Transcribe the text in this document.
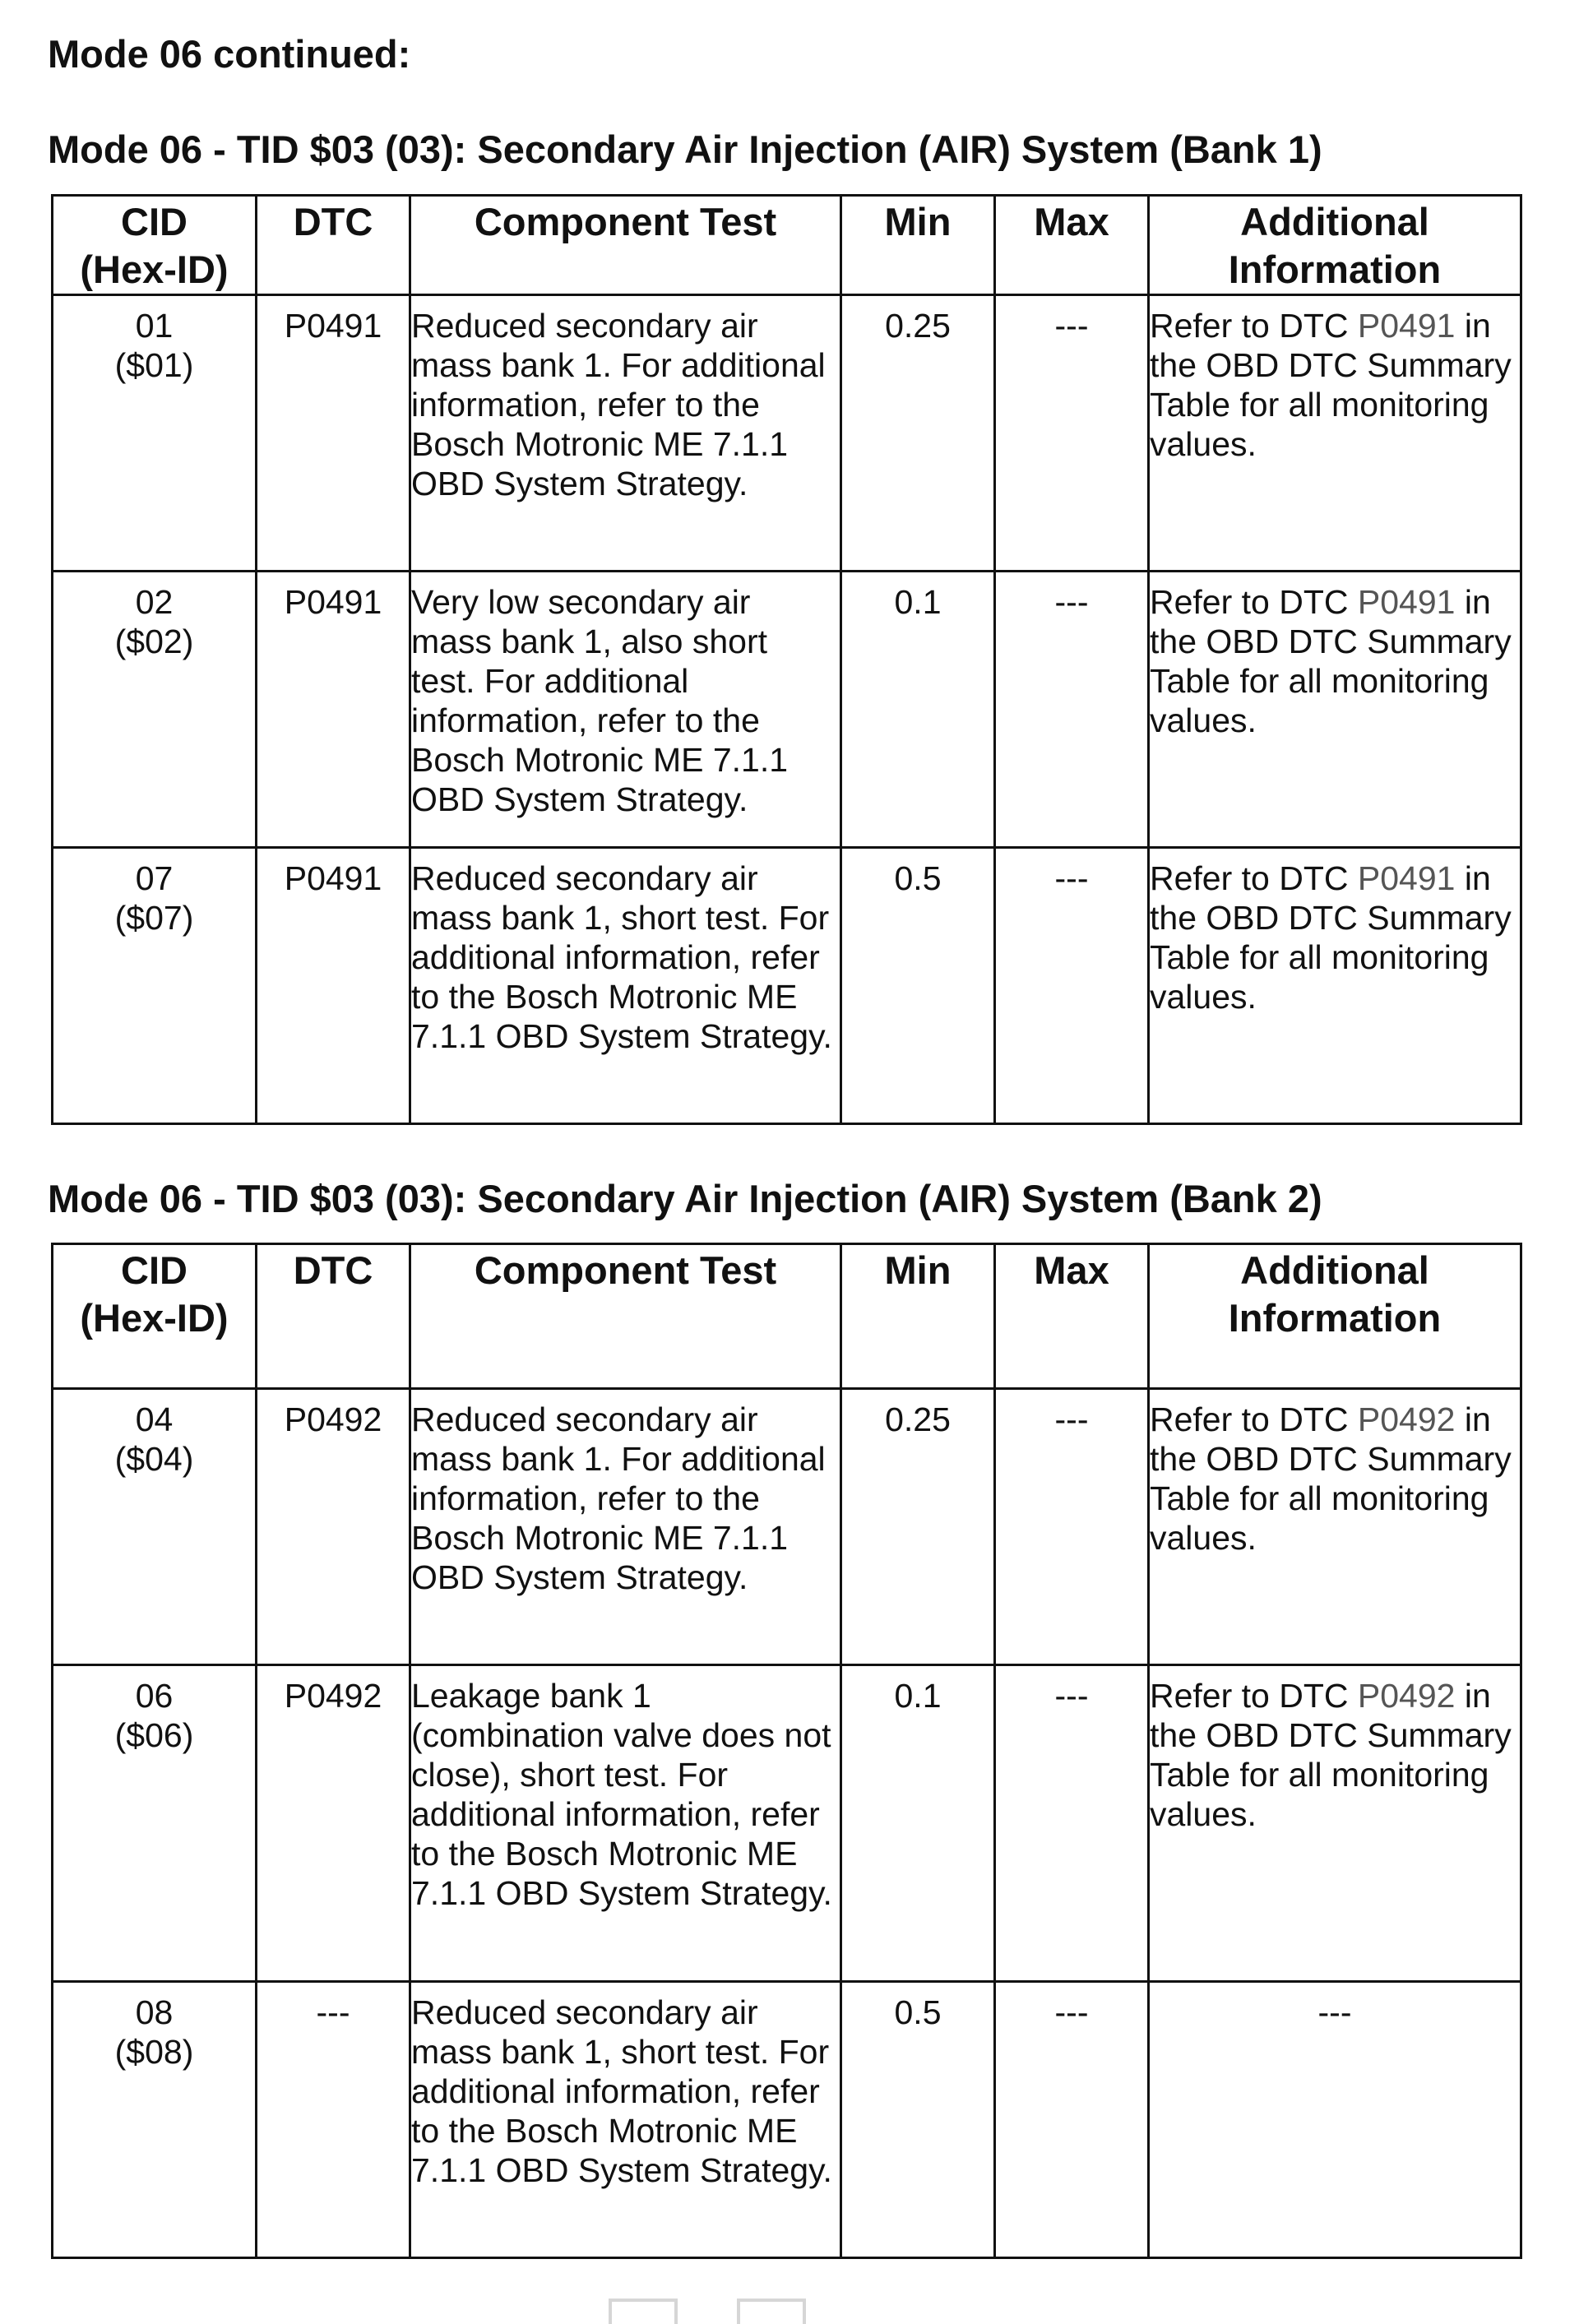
Mode 06 continued:
Mode 06 - TID $03 (03): Secondary Air Injection (AIR) System (Bank 1)
CID
(Hex-ID)	DTC	Component Test	Min	Max	Additional
Information

01
($01)	P0491	Reduced secondary air mass bank 1. For additional information, refer to the Bosch Motronic ME 7.1.1 OBD System Strategy.	0.25	---	Refer to DTC P0491 in the OBD DTC Summary Table for all monitoring values.

02
($02)	P0491	Very low secondary air mass bank 1, also short test. For additional information, refer to the Bosch Motronic ME 7.1.1 OBD System Strategy.	0.1	---	Refer to DTC P0491 in the OBD DTC Summary Table for all monitoring values.

07
($07)	P0491	Reduced secondary air mass bank 1, short test. For additional information, refer to the Bosch Motronic ME 7.1.1 OBD System Strategy.	0.5	---	Refer to DTC P0491 in the OBD DTC Summary Table for all monitoring values.
Mode 06 - TID $03 (03): Secondary Air Injection (AIR) System (Bank 2)
CID
(Hex-ID)	DTC	Component Test	Min	Max	Additional
Information

04
($04)	P0492	Reduced secondary air mass bank 1. For additional information, refer to the Bosch Motronic ME 7.1.1 OBD System Strategy.	0.25	---	Refer to DTC P0492 in the OBD DTC Summary Table for all monitoring values.

06
($06)	P0492	Leakage bank 1 (combination valve does not close), short test. For additional information, refer to the Bosch Motronic ME 7.1.1 OBD System Strategy.	0.1	---	Refer to DTC P0492 in the OBD DTC Summary Table for all monitoring values.

08
($08)	---	Reduced secondary air mass bank 1, short test. For additional information, refer to the Bosch Motronic ME 7.1.1 OBD System Strategy.	0.5	---	---
